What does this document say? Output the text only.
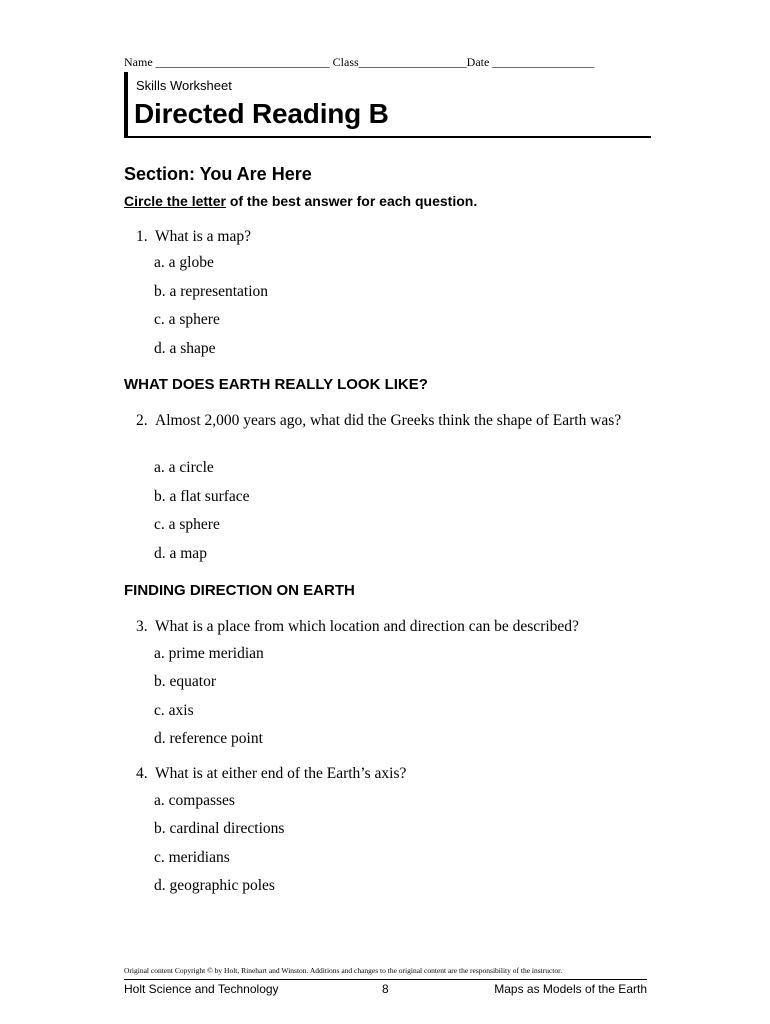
Name _____________________________ Class__________________Date _________________
Skills Worksheet
Directed Reading B
Section: You Are Here
Circle the letter of the best answer for each question.
1. What is a map?
a. a globe
b. a representation
c. a sphere
d. a shape
WHAT DOES EARTH REALLY LOOK LIKE?
2. Almost 2,000 years ago, what did the Greeks think the shape of Earth was?
a. a circle
b. a flat surface
c. a sphere
d. a map
FINDING DIRECTION ON EARTH
3. What is a place from which location and direction can be described?
a. prime meridian
b. equator
c. axis
d. reference point
4. What is at either end of the Earth’s axis?
a. compasses
b. cardinal directions
c. meridians
d. geographic poles
Original content Copyright © by Holt, Rinehart and Winston. Additions and changes to the original content are the responsibility of the instructor.
Holt Science and Technology	8	Maps as Models of the Earth
